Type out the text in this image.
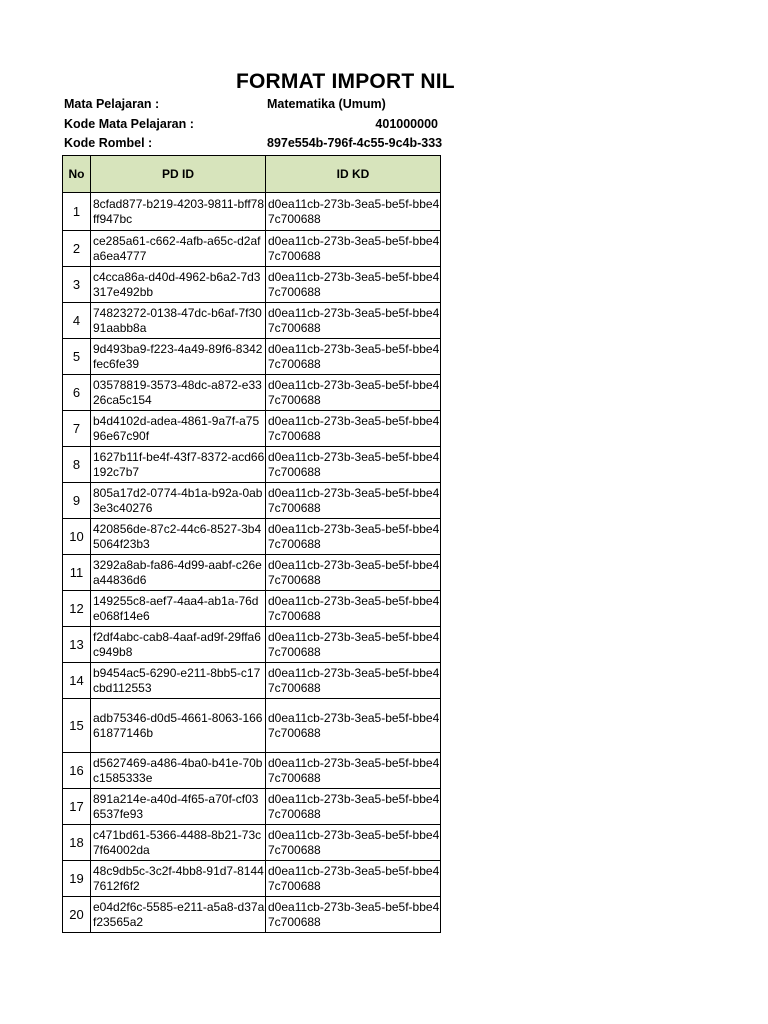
FORMAT IMPORT NIL
Mata Pelajaran :	Matematika (Umum)
Kode Mata Pelajaran :	401000000
Kode Rombel :	897e554b-796f-4c55-9c4b-333
No	PD ID	ID KD
1	8cfad877-b219-4203-9811-bff78ff947bc	d0ea11cb-273b-3ea5-be5f-bbe47c700688
2	ce285a61-c662-4afb-a65c-d2afa6ea4777	d0ea11cb-273b-3ea5-be5f-bbe47c700688
3	c4cca86a-d40d-4962-b6a2-7d3317e492bb	d0ea11cb-273b-3ea5-be5f-bbe47c700688
4	74823272-0138-47dc-b6af-7f3091aabb8a	d0ea11cb-273b-3ea5-be5f-bbe47c700688
5	9d493ba9-f223-4a49-89f6-8342fec6fe39	d0ea11cb-273b-3ea5-be5f-bbe47c700688
6	03578819-3573-48dc-a872-e3326ca5c154	d0ea11cb-273b-3ea5-be5f-bbe47c700688
7	b4d4102d-adea-4861-9a7f-a7596e67c90f	d0ea11cb-273b-3ea5-be5f-bbe47c700688
8	1627b11f-be4f-43f7-8372-acd66192c7b7	d0ea11cb-273b-3ea5-be5f-bbe47c700688
9	805a17d2-0774-4b1a-b92a-0ab3e3c40276	d0ea11cb-273b-3ea5-be5f-bbe47c700688
10	420856de-87c2-44c6-8527-3b45064f23b3	d0ea11cb-273b-3ea5-be5f-bbe47c700688
11	3292a8ab-fa86-4d99-aabf-c26ea44836d6	d0ea11cb-273b-3ea5-be5f-bbe47c700688
12	149255c8-aef7-4aa4-ab1a-76de068f14e6	d0ea11cb-273b-3ea5-be5f-bbe47c700688
13	f2df4abc-cab8-4aaf-ad9f-29ffa6c949b8	d0ea11cb-273b-3ea5-be5f-bbe47c700688
14	b9454ac5-6290-e211-8bb5-c17cbd112553	d0ea11cb-273b-3ea5-be5f-bbe47c700688
15	adb75346-d0d5-4661-8063-16661877146b	d0ea11cb-273b-3ea5-be5f-bbe47c700688
16	d5627469-a486-4ba0-b41e-70bc1585333e	d0ea11cb-273b-3ea5-be5f-bbe47c700688
17	891a214e-a40d-4f65-a70f-cf036537fe93	d0ea11cb-273b-3ea5-be5f-bbe47c700688
18	c471bd61-5366-4488-8b21-73c7f64002da	d0ea11cb-273b-3ea5-be5f-bbe47c700688
19	48c9db5c-3c2f-4bb8-91d7-81447612f6f2	d0ea11cb-273b-3ea5-be5f-bbe47c700688
20	e04d2f6c-5585-e211-a5a8-d37af23565a2	d0ea11cb-273b-3ea5-be5f-bbe47c700688
